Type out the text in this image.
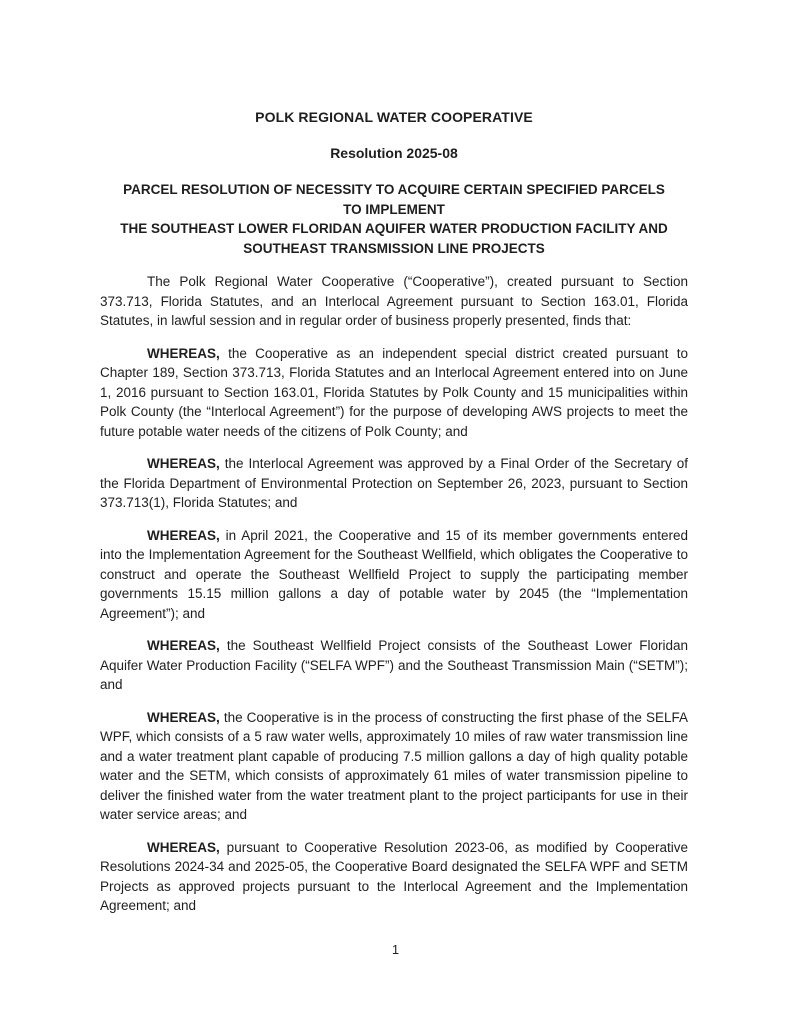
POLK REGIONAL WATER COOPERATIVE
Resolution 2025-08
PARCEL RESOLUTION OF NECESSITY TO ACQUIRE CERTAIN SPECIFIED PARCELS
TO IMPLEMENT
THE SOUTHEAST LOWER FLORIDAN AQUIFER WATER PRODUCTION FACILITY AND
SOUTHEAST TRANSMISSION LINE PROJECTS

The Polk Regional Water Cooperative (“Cooperative”), created pursuant to Section 373.713, Florida Statutes, and an Interlocal Agreement pursuant to Section 163.01, Florida Statutes, in lawful session and in regular order of business properly presented, finds that:

WHEREAS, the Cooperative as an independent special district created pursuant to Chapter 189, Section 373.713, Florida Statutes and an Interlocal Agreement entered into on June 1, 2016 pursuant to Section 163.01, Florida Statutes by Polk County and 15 municipalities within Polk County (the “Interlocal Agreement”) for the purpose of developing AWS projects to meet the future potable water needs of the citizens of Polk County; and

WHEREAS, the Interlocal Agreement was approved by a Final Order of the Secretary of the Florida Department of Environmental Protection on September 26, 2023, pursuant to Section 373.713(1), Florida Statutes; and

WHEREAS, in April 2021, the Cooperative and 15 of its member governments entered into the Implementation Agreement for the Southeast Wellfield, which obligates the Cooperative to construct and operate the Southeast Wellfield Project to supply the participating member governments 15.15 million gallons a day of potable water by 2045 (the “Implementation Agreement”); and

WHEREAS, the Southeast Wellfield Project consists of the Southeast Lower Floridan Aquifer Water Production Facility (“SELFA WPF”) and the Southeast Transmission Main (“SETM”); and

WHEREAS, the Cooperative is in the process of constructing the first phase of the SELFA WPF, which consists of a 5 raw water wells, approximately 10 miles of raw water transmission line and a water treatment plant capable of producing 7.5 million gallons a day of high quality potable water and the SETM, which consists of approximately 61 miles of water transmission pipeline to deliver the finished water from the water treatment plant to the project participants for use in their water service areas; and

WHEREAS, pursuant to Cooperative Resolution 2023-06, as modified by Cooperative Resolutions 2024-34 and 2025-05, the Cooperative Board designated the SELFA WPF and SETM Projects as approved projects pursuant to the Interlocal Agreement and the Implementation Agreement; and

1
